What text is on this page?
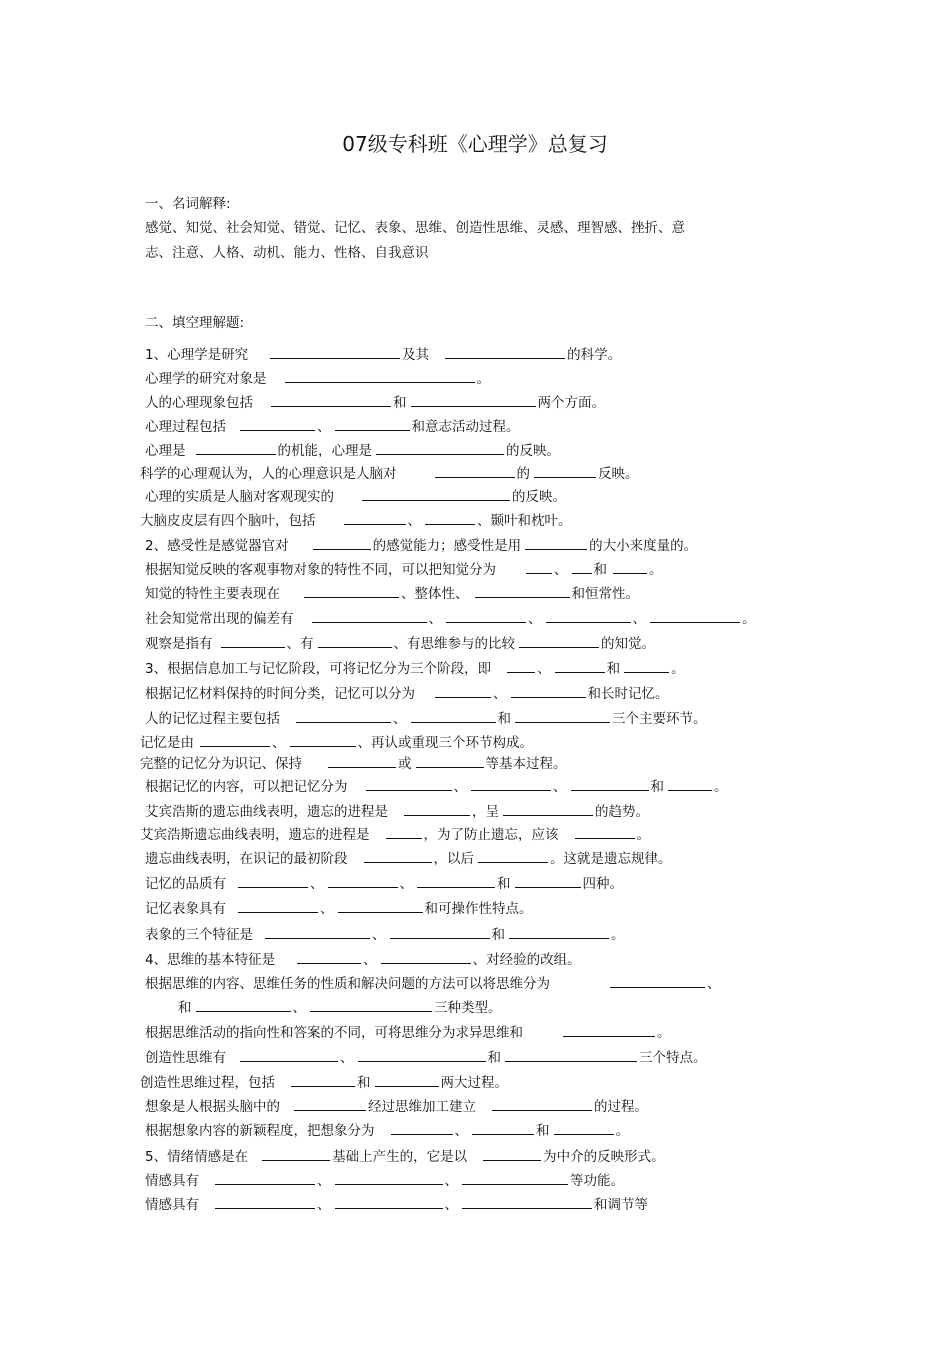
07级专科班《心理学》总复习
一、名词解释:
感觉、知觉、社会知觉、错觉、记忆、表象、思维、创造性思维、灵感、理智感、挫折、意
志、注意、人格、动机、能力、性格、自我意识
二、填空理解题:
1、心理学是研究	及其	的科学。
心理学的研究对象是	。
人的心理现象包括	和	两个方面。
心理过程包括	、	和意志活动过程。
心理是	的机能，心理是	的反映。
科学的心理观认为，人的心理意识是人脑对	的	反映。
心理的实质是人脑对客观现实的	的反映。
大脑皮皮层有四个脑叶，包括	、	、颞叶和枕叶。
2、感受性是感觉器官对	的感觉能力；感受性是用	的大小来度量的。
根据知觉反映的客观事物对象的特性不同，可以把知觉分为	、 和	。
知觉的特性主要表现在	、整体性、	和恒常性。
社会知觉常出现的偏差有	、	、	、	。
观察是指有	、有	、有思维参与的比较	的知觉。
3、根据信息加工与记忆阶段，可将记忆分为三个阶段，即	、	和	。
根据记忆材料保持的时间分类，记忆可以分为	、	和长时记忆。
人的记忆过程主要包括	、	和	三个主要环节。
记忆是由	、	、再认或重现三个环节构成。
完整的记忆分为识记、保持	或	等基本过程。
根据记忆的内容，可以把记忆分为	、	、	和	。
艾宾浩斯的遗忘曲线表明，遗忘的进程是	，呈	的趋势。
艾宾浩斯遗忘曲线表明，遗忘的进程是	，为了防止遗忘，应该	。
遗忘曲线表明，在识记的最初阶段	，以后	。这就是遗忘规律。
记忆的品质有	、	、	和	四种。
记忆表象具有	、	和可操作性特点。
表象的三个特征是	、	和	。
4、思维的基本特征是	、	、对经验的改组。
根据思维的内容、思维任务的性质和解决问题的方法可以将思维分为	、
和	、	三种类型。
根据思维活动的指向性和答案的不同，可将思维分为求异思维和	。
创造性思维有	、	和	三个特点。
创造性思维过程，包括	和	两大过程。
想象是人根据头脑中的	经过思维加工建立	的过程。
根据想象内容的新颖程度，把想象分为	、	和	。
5、情绪情感是在	基础上产生的，它是以	为中介的反映形式。
情感具有	、	、	等功能。
情感具有	、	、	和调节等
